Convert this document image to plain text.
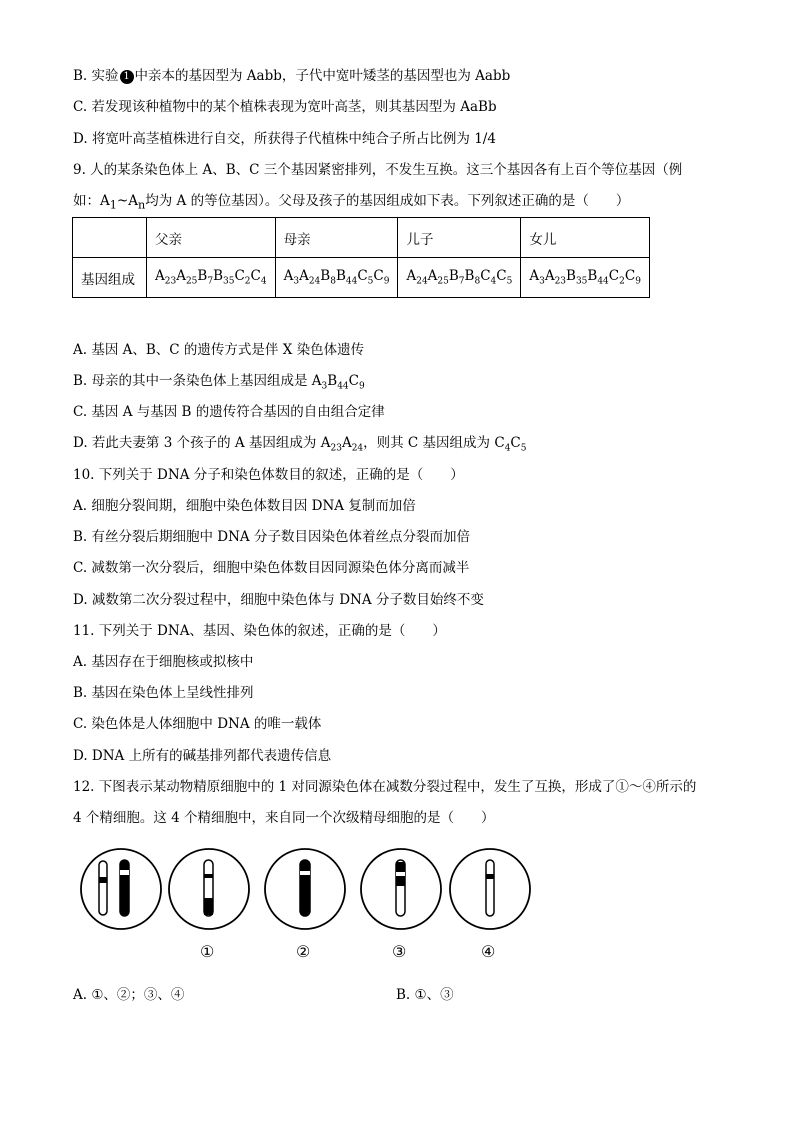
B. 实验 1 中亲本的基因型为 Aabb，子代中宽叶矮茎的基因型也为 Aabb
C. 若发现该种植物中的某个植株表现为宽叶高茎，则其基因型为 AaBb
D. 将宽叶高茎植株进行自交，所获得子代植株中纯合子所占比例为 1/4
9. 人的某条染色体上 A、B、C 三个基因紧密排列，不发生互换。这三个基因各有上百个等位基因（例
如：$A_1\sim A_n$均为 A 的等位基因）。父母及孩子的基因组成如下表。下列叙述正确的是（　　）
	父亲	母亲	儿子	女儿
基因组成	$A_{23}A_{25}B_7B_{35}C_2C_4$	$A_3A_{24}B_8B_{44}C_5C_9$	$A_{24}A_{25}B_7B_8C_4C_5$	$A_3A_{23}B_{35}B_{44}C_2C_9$
A. 基因 A、B、C 的遗传方式是伴 X 染色体遗传
B. 母亲的其中一条染色体上基因组成是 $A_3B_{44}C_9$
C. 基因 A 与基因 B 的遗传符合基因的自由组合定律
D. 若此夫妻第 3 个孩子的 A 基因组成为 $A_{23}A_{24}$，则其 C 基因组成为 $C_4C_5$
10. 下列关于 DNA 分子和染色体数目的叙述，正确的是（　　）
A. 细胞分裂间期，细胞中染色体数目因 DNA 复制而加倍
B. 有丝分裂后期细胞中 DNA 分子数目因染色体着丝点分裂而加倍
C. 减数第一次分裂后，细胞中染色体数目因同源染色体分离而减半
D. 减数第二次分裂过程中，细胞中染色体与 DNA 分子数目始终不变
11. 下列关于 DNA、基因、染色体的叙述，正确的是（　　）
A. 基因存在于细胞核或拟核中
B. 基因在染色体上呈线性排列
C. 染色体是人体细胞中 DNA 的唯一载体
D. DNA 上所有的碱基排列都代表遗传信息
12. 下图表示某动物精原细胞中的 1 对同源染色体在减数分裂过程中，发生了互换，形成了①～④所示的
4 个精细胞。这 4 个精细胞中，来自同一个次级精母细胞的是（　　）
①	②	③	④
A. ①、②；③、④	B. ①、③
